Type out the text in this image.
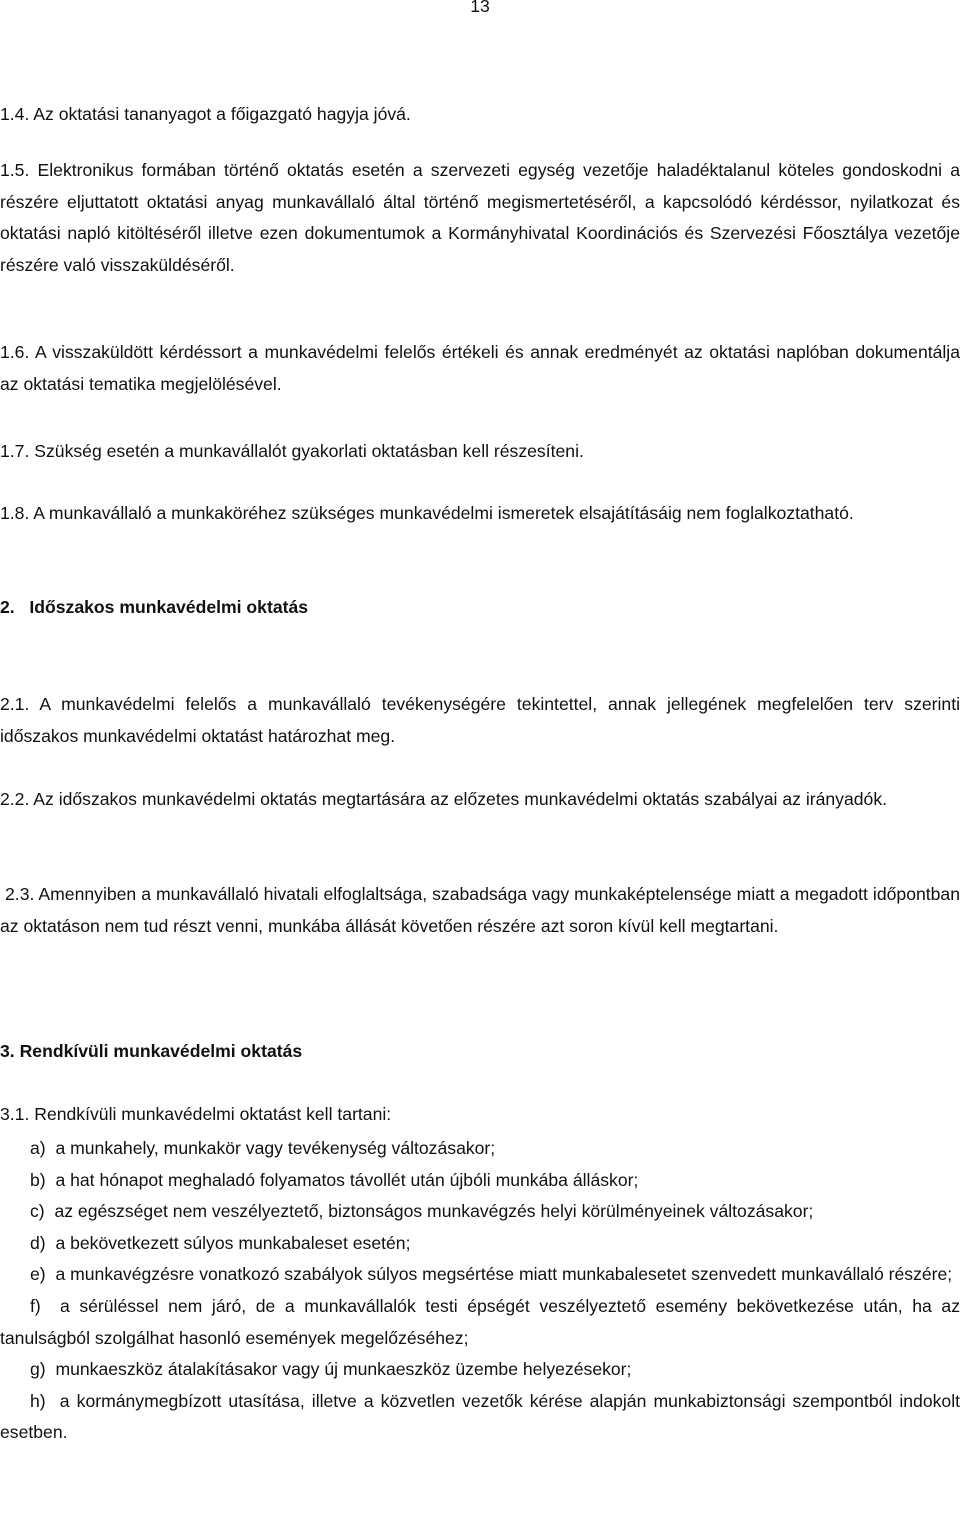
13
1.4. Az oktatási tananyagot a főigazgató hagyja jóvá.
1.5. Elektronikus formában történő oktatás esetén a szervezeti egység vezetője haladéktalanul köteles gondoskodni a részére eljuttatott oktatási anyag munkavállaló által történő megismertetéséről, a kapcsolódó kérdéssor, nyilatkozat és oktatási napló kitöltéséről illetve ezen dokumentumok a Kormányhivatal Koordinációs és Szervezési Főosztálya vezetője részére való visszaküldéséről.
1.6. A visszaküldött kérdéssort a munkavédelmi felelős értékeli és annak eredményét az oktatási naplóban dokumentálja az oktatási tematika megjelölésével.
1.7. Szükség esetén a munkavállalót gyakorlati oktatásban kell részesíteni.
1.8. A munkavállaló a munkaköréhez szükséges munkavédelmi ismeretek elsajátításáig nem foglalkoztatható.
2. Időszakos munkavédelmi oktatás
2.1. A munkavédelmi felelős a munkavállaló tevékenységére tekintettel, annak jellegének megfelelően terv szerinti időszakos munkavédelmi oktatást határozhat meg.
2.2. Az időszakos munkavédelmi oktatás megtartására az előzetes munkavédelmi oktatás szabályai az irányadók.
2.3. Amennyiben a munkavállaló hivatali elfoglaltsága, szabadsága vagy munkaképtelensége miatt a megadott időpontban az oktatáson nem tud részt venni, munkába állását követően részére azt soron kívül kell megtartani.
3. Rendkívüli munkavédelmi oktatás
3.1. Rendkívüli munkavédelmi oktatást kell tartani:
a) a munkahely, munkakör vagy tevékenység változásakor;
b) a hat hónapot meghaladó folyamatos távollét után újbóli munkába álláskor;
c) az egészséget nem veszélyeztető, biztonságos munkavégzés helyi körülményeinek változásakor;
d) a bekövetkezett súlyos munkabaleset esetén;
e) a munkavégzésre vonatkozó szabályok súlyos megsértése miatt munkabalesetet szenvedett munkavállaló részére;
f) a sérüléssel nem járó, de a munkavállalók testi épségét veszélyeztető esemény bekövetkezése után, ha az tanulságból szolgálhat hasonló események megelőzéséhez;
g) munkaeszköz átalakításakor vagy új munkaeszköz üzembe helyezésekor;
h) a kormánymegbízott utasítása, illetve a közvetlen vezetők kérése alapján munkabiztonsági szempontból indokolt esetben.
